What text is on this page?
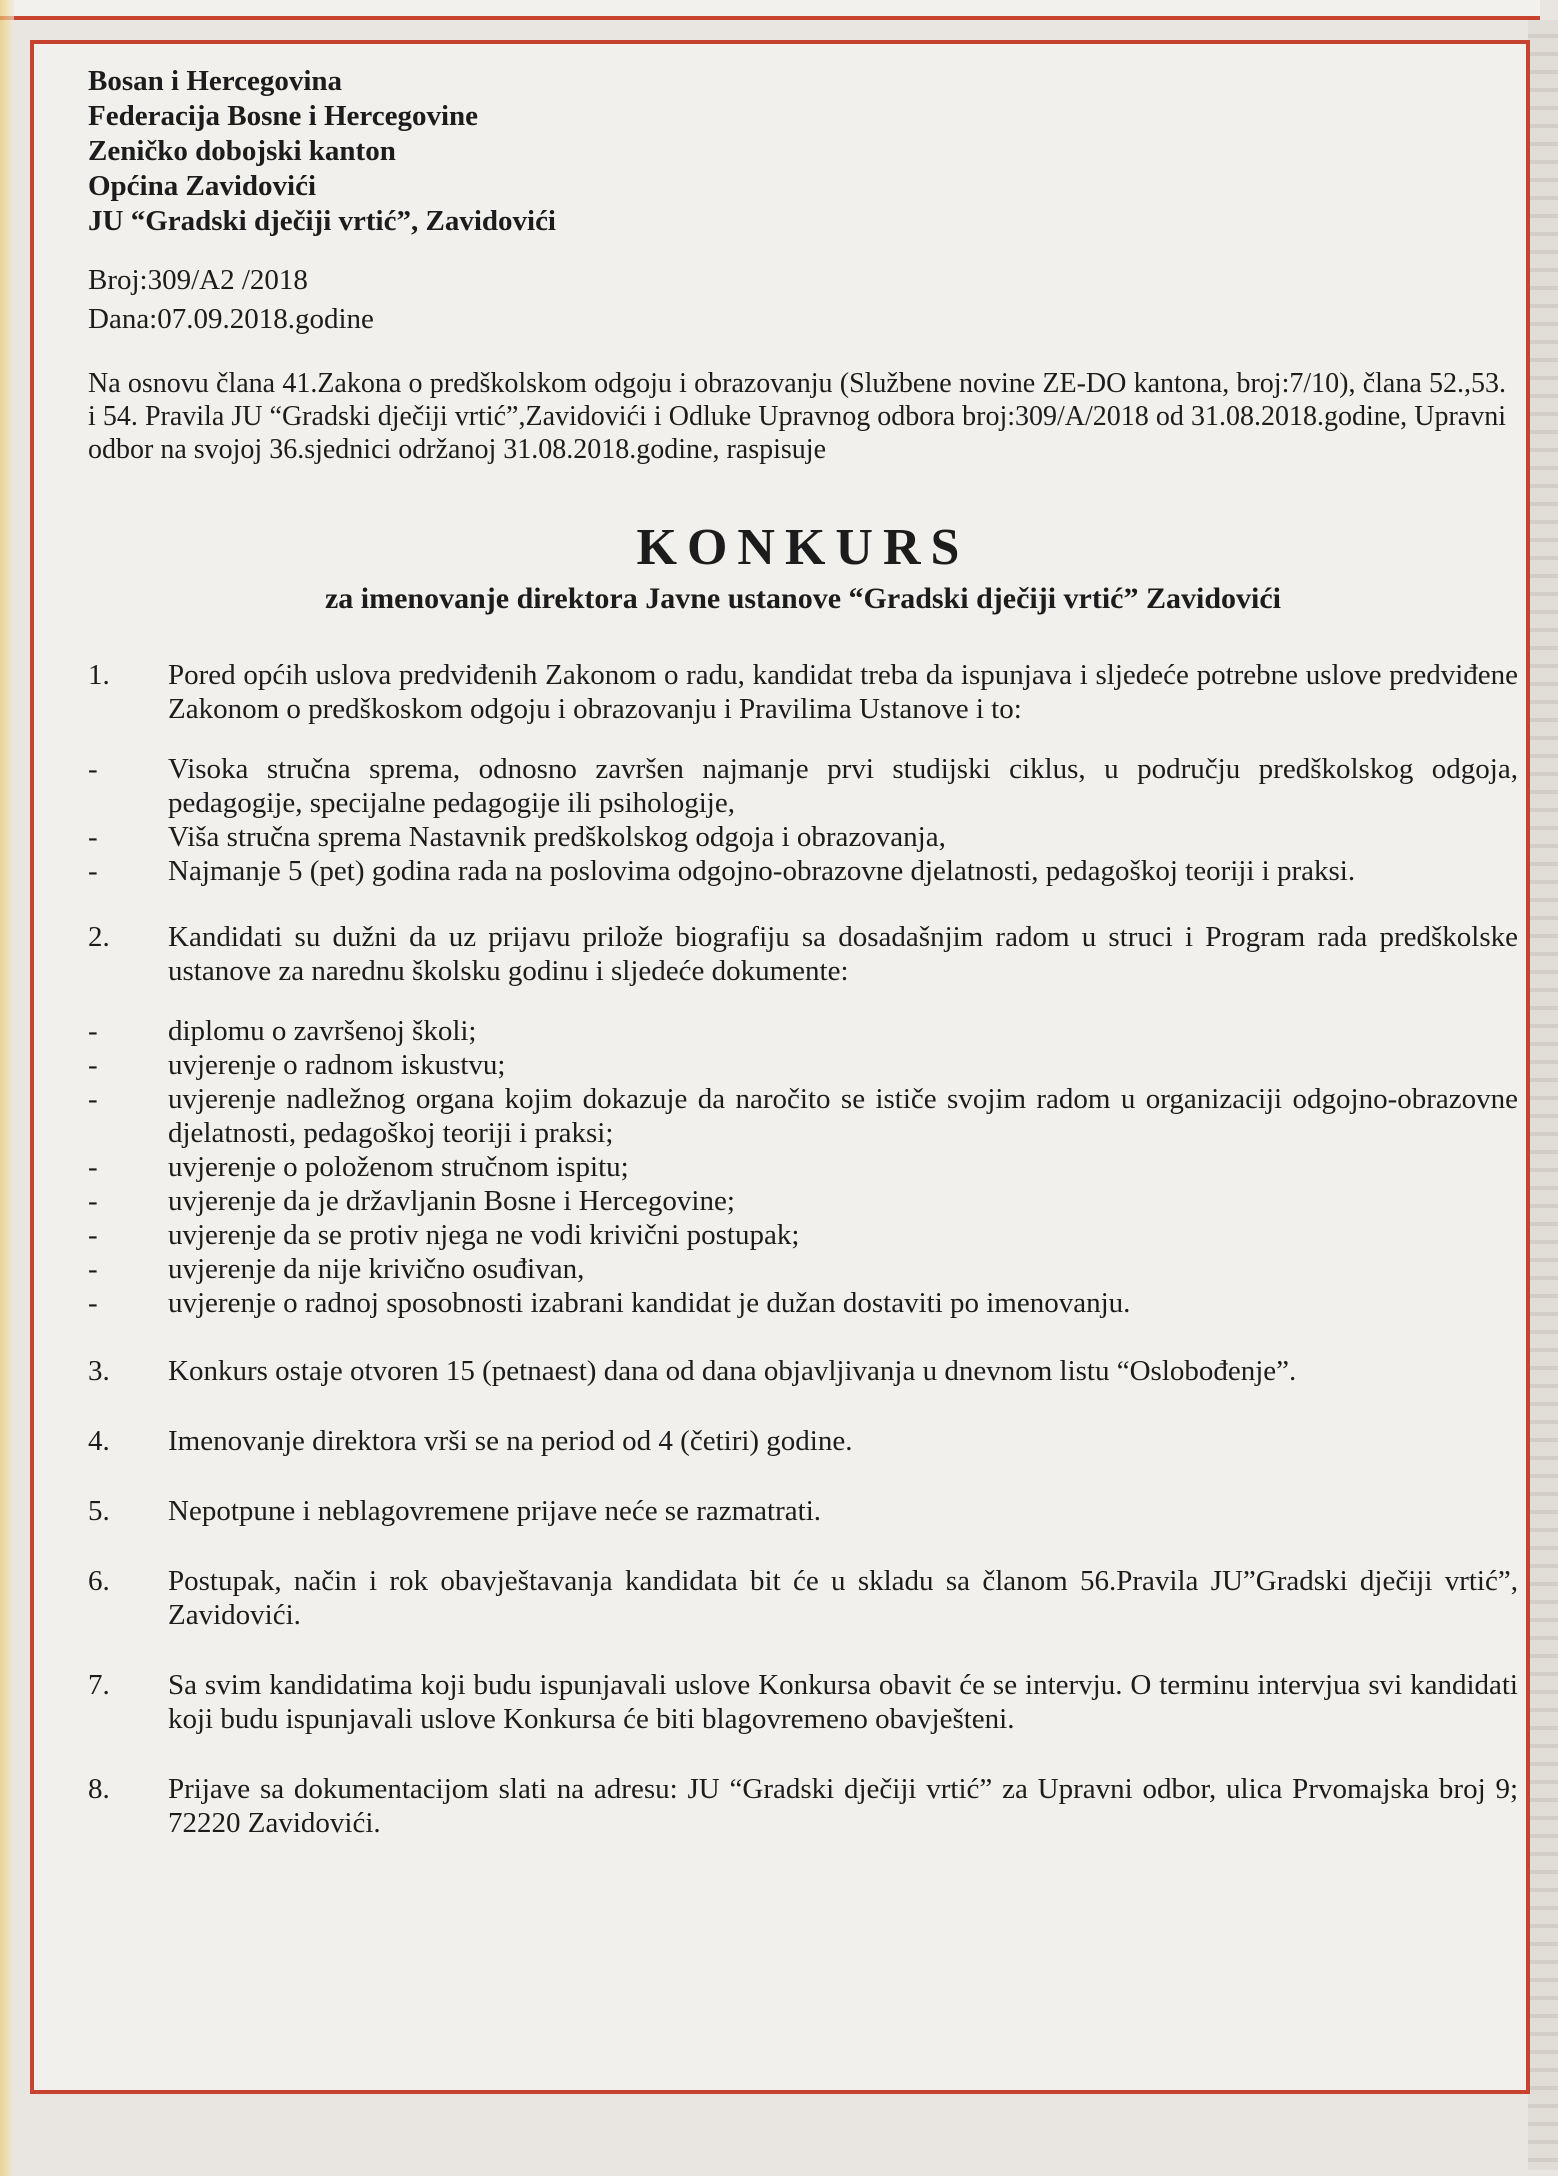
Bosan i Hercegovina

Federacija Bosne i Hercegovine

Zeničko dobojski kanton

Općina Zavidovići

JU “Gradski dječiji vrtić”, Zavidovići

Broj:309/A2 /2018

Dana:07.09.2018.godine

Na osnovu člana 41.Zakona o predškolskom odgoju i obrazovanju (Službene novine ZE-DO kantona, broj:7/10), člana 52.,53. i 54. Pravila JU “Gradski dječiji vrtić”,Zavidovići i Odluke Upravnog odbora broj:309/A/2018 od 31.08.2018.godine, Upravni odbor na svojoj 36.sjednici održanoj 31.08.2018.godine, raspisuje

KONKURS
za imenovanje direktora Javne ustanove “Gradski dječiji vrtić” Zavidovići
1. Pored općih uslova predviđenih Zakonom o radu, kandidat treba da ispunjava i sljedeće potrebne uslove predviđene Zakonom o predškoskom odgoju i obrazovanju i Pravilima Ustanove i to:
- Visoka stručna sprema, odnosno završen najmanje prvi studijski ciklus, u području predškolskog odgoja, pedagogije, specijalne pedagogije ili psihologije,
- Viša stručna sprema Nastavnik predškolskog odgoja i obrazovanja,
- Najmanje 5 (pet) godina rada na poslovima odgojno-obrazovne djelatnosti, pedagoškoj teoriji i praksi.
2. Kandidati su dužni da uz prijavu prilože biografiju sa dosadašnjim radom u struci i Program rada predškolske ustanove za narednu školsku godinu i sljedeće dokumente:
- diplomu o završenoj školi;
- uvjerenje o radnom iskustvu;
- uvjerenje nadležnog organa kojim dokazuje da naročito se ističe svojim radom u organizaciji odgojno-obrazovne djelatnosti, pedagoškoj teoriji i praksi;
- uvjerenje o položenom stručnom ispitu;
- uvjerenje da je državljanin Bosne i Hercegovine;
- uvjerenje da se protiv njega ne vodi krivični postupak;
- uvjerenje da nije krivično osuđivan,
- uvjerenje o radnoj sposobnosti izabrani kandidat je dužan dostaviti po imenovanju.
3. Konkurs ostaje otvoren 15 (petnaest) dana od dana objavljivanja u dnevnom listu “Oslobođenje”.
4. Imenovanje direktora vrši se na period od 4 (četiri) godine.
5. Nepotpune i neblagovremene prijave neće se razmatrati.
6. Postupak, način i rok obavještavanja kandidata bit će u skladu sa članom 56.Pravila JU”Gradski dječiji vrtić”, Zavidovići.
7. Sa svim kandidatima koji budu ispunjavali uslove Konkursa obavit će se intervju. O terminu intervjua svi kandidati koji budu ispunjavali uslove Konkursa će biti blagovremeno obavješteni.
8. Prijave sa dokumentacijom slati na adresu: JU “Gradski dječiji vrtić” za Upravni odbor, ulica Prvomajska broj 9; 72220 Zavidovići.
